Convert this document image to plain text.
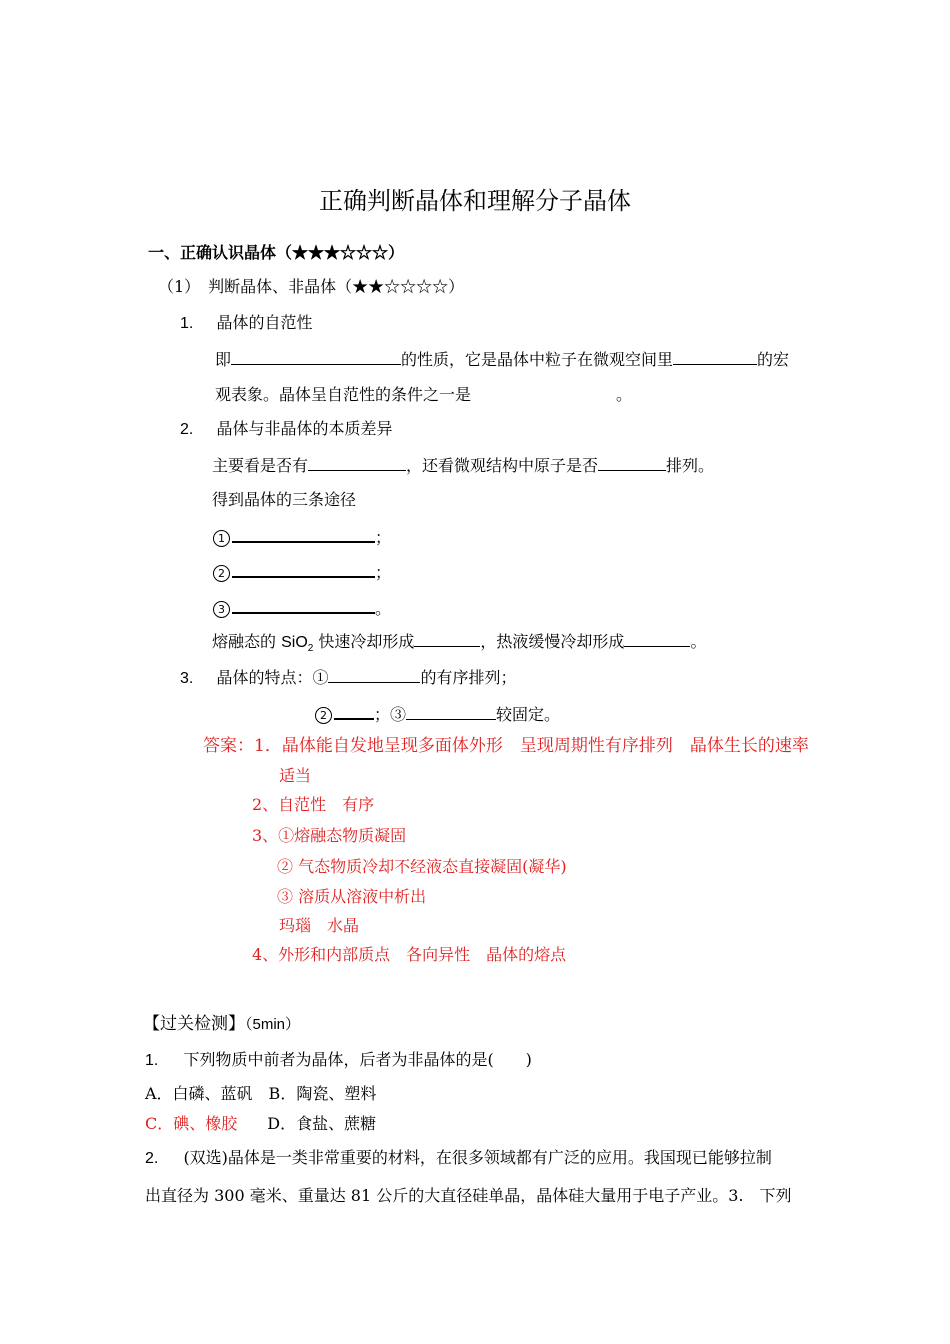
正确判断晶体和理解分子晶体
一、正确认识晶体（★★★☆☆☆）
（1）　判断晶体、非晶体（★★☆☆☆☆）
1. 晶体的自范性
即	的性质，它是晶体中粒子在微观空间里	的宏
观表象。晶体呈自范性的条件之一是	。
2. 晶体与非晶体的本质差异
主要看是否有	，还看微观结构中原子是否	排列。
得到晶体的三条途径
1	；
2	；
3	。
熔融态的 SiO$_2$ 快速冷却形成	，热液缓慢冷却形成	。
3. 晶体的特点：①	的有序排列；
2	；③	较固定。
答案：1．晶体能自发地呈现多面体外形　呈现周期性有序排列　晶体生长的速率
适当
2、自范性　有序
3、①熔融态物质凝固
② 气态物质冷却不经液态直接凝固(凝华)
③ 溶质从溶液中析出
玛瑙　水晶
4、外形和内部质点　各向异性　晶体的熔点
【过关检测】（5min）
1. 下列物质中前者为晶体，后者为非晶体的是(　　)
A．白磷、蓝矾　B．陶瓷、塑料
C．碘、橡胶 D．食盐、蔗糖
2. (双选)晶体是一类非常重要的材料，在很多领域都有广泛的应用。我国现已能够拉制
出直径为 300 毫米、重量达 81 公斤的大直径硅单晶，晶体硅大量用于电子产业。3.　下列
